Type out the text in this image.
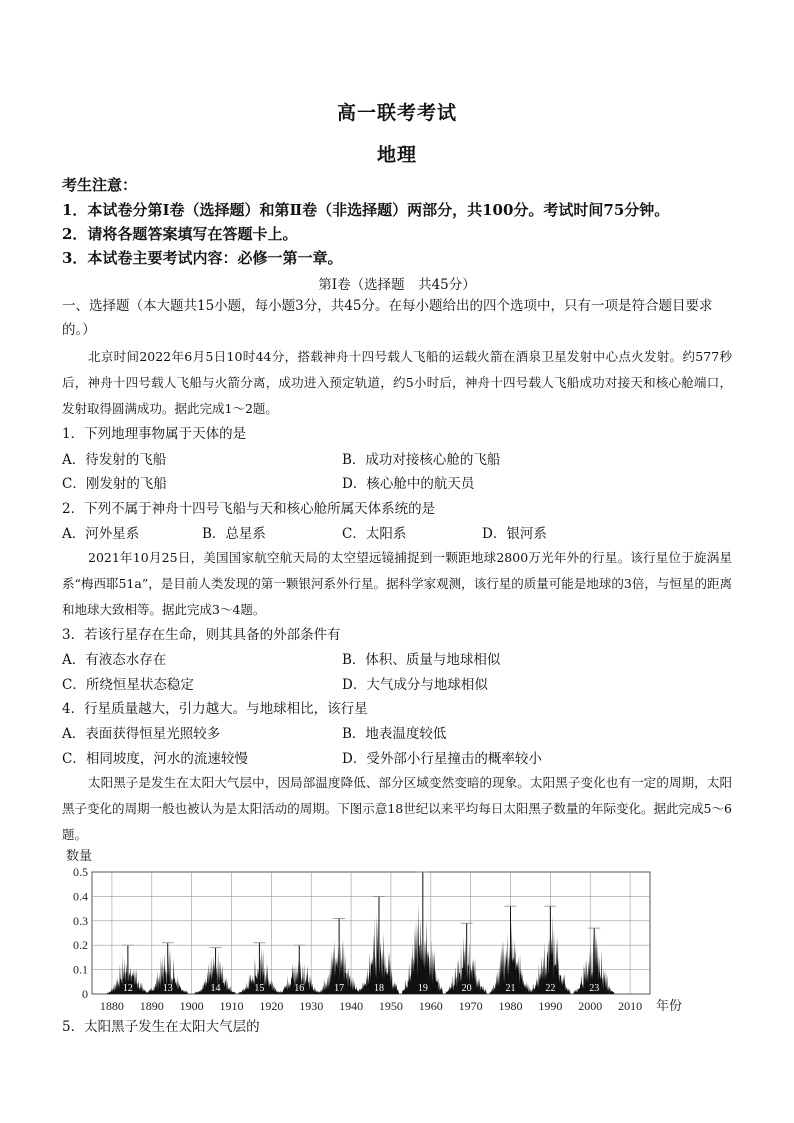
高一联考考试
地理
考生注意：
1．本试卷分第Ⅰ卷（选择题）和第Ⅱ卷（非选择题）两部分，共100分。考试时间75分钟。
2．请将各题答案填写在答题卡上。
3．本试卷主要考试内容：必修一第一章。
第Ⅰ卷（选择题　共45分）
一、选择题（本大题共15小题，每小题3分，共45分。在每小题给出的四个选项中，只有一项是符合题目要求的。）
北京时间2022年6月5日10时44分，搭载神舟十四号载人飞船的运载火箭在酒泉卫星发射中心点火发射。约577秒后，神舟十四号载人飞船与火箭分离，成功进入预定轨道，约5小时后，神舟十四号载人飞船成功对接天和核心舱端口，发射取得圆满成功。据此完成1～2题。
1．下列地理事物属于天体的是
A．待发射的飞船	B．成功对接核心舱的飞船
C．刚发射的飞船	D．核心舱中的航天员
2．下列不属于神舟十四号飞船与天和核心舱所属天体系统的是
A．河外星系	B．总星系	C．太阳系	D．银河系
2021年10月25日，美国国家航空航天局的太空望远镜捕捉到一颗距地球2800万光年外的行星。该行星位于旋涡星系“梅西耶51a”，是目前人类发现的第一颗银河系外行星。据科学家观测，该行星的质量可能是地球的3倍，与恒星的距离和地球大致相等。据此完成3～4题。
3．若该行星存在生命，则其具备的外部条件有
A．有液态水存在	B．体积、质量与地球相似
C．所绕恒星状态稳定	D．大气成分与地球相似
4．行星质量越大，引力越大。与地球相比，该行星
A．表面获得恒星光照较多	B．地表温度较低
C．相同坡度，河水的流速较慢	D．受外部小行星撞击的概率较小
太阳黑子是发生在太阳大气层中，因局部温度降低、部分区域变然变暗的现象。太阳黑子变化也有一定的周期，太阳黑子变化的周期一般也被认为是太阳活动的周期。下图示意18世纪以来平均每日太阳黑子数量的年际变化。据此完成5～6题。
0
0.1
0.2
0.3
0.4
0.5
1880 1890 1900 1910 1920 1930 1940 1950 1960 1970 1980 1990 2000 2010
数量
年份
12	13	14	15	16	17	18	19	20	21	22	23
5．太阳黑子发生在太阳大气层的
